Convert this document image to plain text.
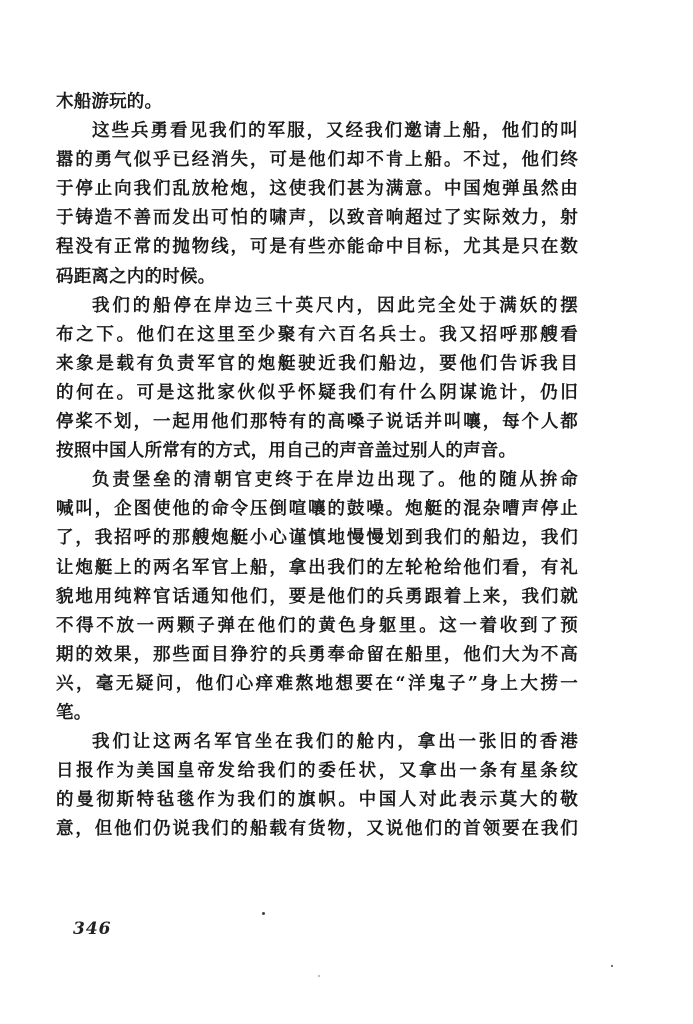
木船游玩的。
这些兵勇看见我们的军服，又经我们邀请上船，他们的叫
嚣的勇气似乎已经消失，可是他们却不肯上船。不过，他们终
于停止向我们乱放枪炮，这使我们甚为满意。中国炮弹虽然由
于铸造不善而发出可怕的啸声，以致音响超过了实际效力，射
程没有正常的抛物线，可是有些亦能命中目标，尤其是只在数
码距离之内的时候。
我们的船停在岸边三十英尺内，因此完全处于满妖的摆
布之下。他们在这里至少聚有六百名兵士。我又招呼那艘看
来象是载有负责军官的炮艇驶近我们船边，要他们告诉我目
的何在。可是这批家伙似乎怀疑我们有什么阴谋诡计，仍旧
停桨不划，一起用他们那特有的高嗓子说话并叫嚷，每个人都
按照中国人所常有的方式，用自己的声音盖过别人的声音。
负责堡垒的清朝官吏终于在岸边出现了。他的随从拚命
喊叫，企图使他的命令压倒喧嚷的鼓噪。炮艇的混杂嘈声停止
了，我招呼的那艘炮艇小心谨慎地慢慢划到我们的船边，我们
让炮艇上的两名军官上船，拿出我们的左轮枪给他们看，有礼
貌地用纯粹官话通知他们，要是他们的兵勇跟着上来，我们就
不得不放一两颗子弹在他们的黄色身躯里。这一着收到了预
期的效果，那些面目狰狞的兵勇奉命留在船里，他们大为不高
兴，毫无疑问，他们心痒难熬地想要在“洋鬼子”身上大捞一
笔。
我们让这两名军官坐在我们的舱内，拿出一张旧的香港
日报作为美国皇帝发给我们的委任状，又拿出一条有星条纹
的曼彻斯特毡毯作为我们的旗帜。中国人对此表示莫大的敬
意，但他们仍说我们的船载有货物，又说他们的首领要在我们
346
